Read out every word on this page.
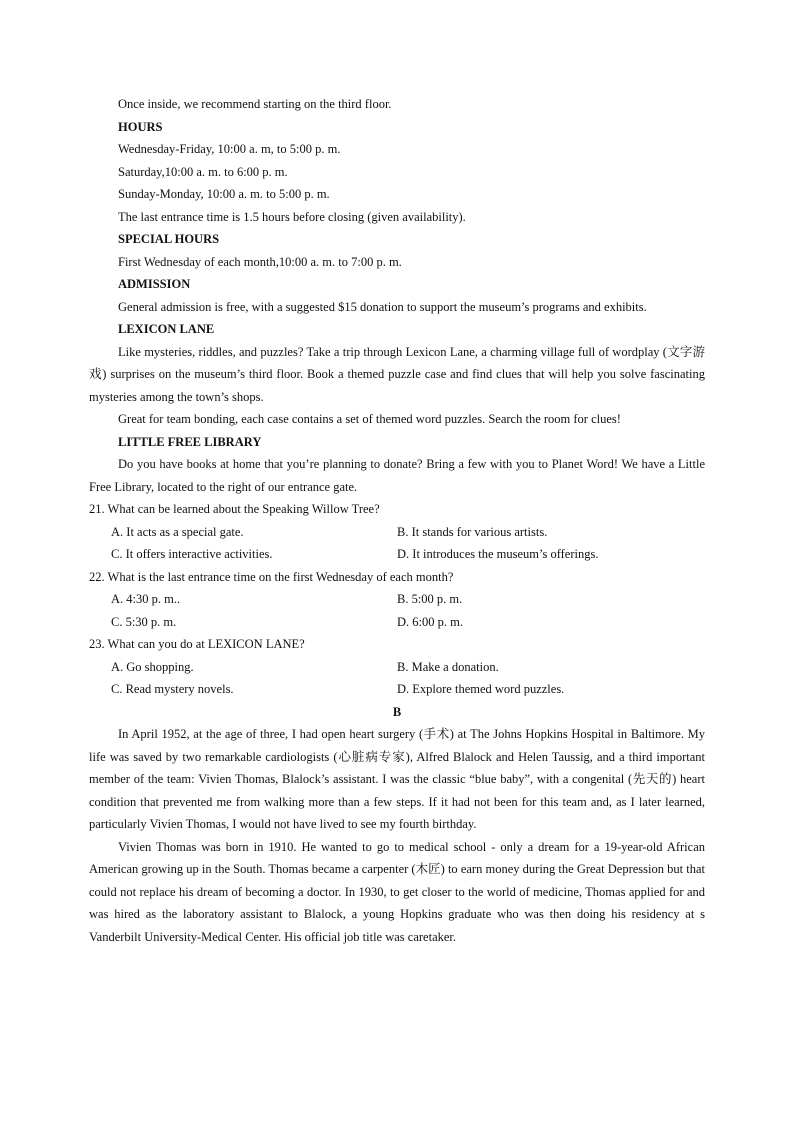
Once inside, we recommend starting on the third floor.
HOURS
Wednesday-Friday, 10:00 a. m, to 5:00 p. m.
Saturday,10:00 a. m. to 6:00 p. m.
Sunday-Monday, 10:00 a. m. to 5:00 p. m.
The last entrance time is 1.5 hours before closing (given availability).
SPECIAL HOURS
First Wednesday of each month,10:00 a. m. to 7:00 p. m.
ADMISSION
General admission is free, with a suggested $15 donation to support the museum’s programs and exhibits.
LEXICON LANE
Like mysteries, riddles, and puzzles? Take a trip through Lexicon Lane, a charming village full of wordplay (文字游戏) surprises on the museum’s third floor. Book a themed puzzle case and find clues that will help you solve fascinating mysteries among the town’s shops.
Great for team bonding, each case contains a set of themed word puzzles. Search the room for clues!
LITTLE FREE LIBRARY
Do you have books at home that you’re planning to donate? Bring a few with you to Planet Word! We have a Little Free Library, located to the right of our entrance gate.
21. What can be learned about the Speaking Willow Tree?
A. It acts as a special gate.	B. It stands for various artists.
C. It offers interactive activities.	D. It introduces the museum’s offerings.
22. What is the last entrance time on the first Wednesday of each month?
A. 4:30 p. m..	B. 5:00 p. m.
C. 5:30 p. m.	D. 6:00 p. m.
23. What can you do at LEXICON LANE?
A. Go shopping.	B. Make a donation.
C. Read mystery novels.	D. Explore themed word puzzles.
B
In April 1952, at the age of three, I had open heart surgery (手术) at The Johns Hopkins Hospital in Baltimore. My life was saved by two remarkable cardiologists (心脏病专家), Alfred Blalock and Helen Taussig, and a third important member of the team: Vivien Thomas, Blalock’s assistant. I was the classic “blue baby”, with a congenital (先天的) heart condition that prevented me from walking more than a few steps. If it had not been for this team and, as I later learned, particularly Vivien Thomas, I would not have lived to see my fourth birthday.
Vivien Thomas was born in 1910. He wanted to go to medical school - only a dream for a 19-year-old African American growing up in the South. Thomas became a carpenter (木匠) to earn money during the Great Depression but that could not replace his dream of becoming a doctor. In 1930, to get closer to the world of medicine, Thomas applied for and was hired as the laboratory assistant to Blalock, a young Hopkins graduate who was then doing his residency at s Vanderbilt University-Medical Center. His official job title was caretaker.
